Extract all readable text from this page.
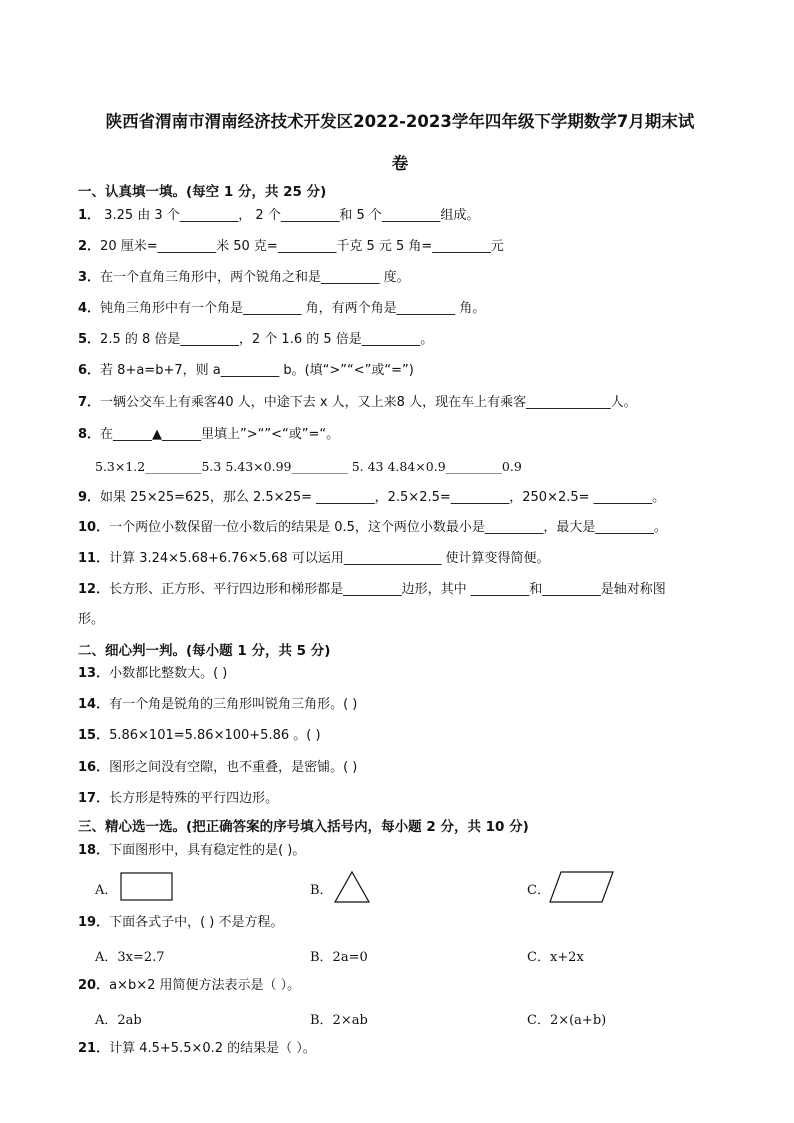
陕西省渭南市渭南经济技术开发区2022-2023学年四年级下学期数学7月期末试
卷
一、认真填一填。(每空 1 分，共 25 分)
1． 3.25 由 3 个_________， 2 个_________和 5 个_________组成。
2．20 厘米=_________米 50 克=_________千克 5 元 5 角=_________元
3．在一个直角三角形中，两个锐角之和是_________ 度。
4．钝角三角形中有一个角是_________ 角，有两个角是_________ 角。
5．2.5 的 8 倍是_________，2 个 1.6 的 5 倍是_________。
6．若 8+a=b+7，则 a_________ b。(填“>”“<”或“=”)
7．一辆公交车上有乘客40 人，中途下去 x 人，又上来8 人，现在车上有乘客_____________人。
8．在______▲______里填上”>“”<“或”=“。
5.3×1.2_________5.3 5.43×0.99_________ 5. 43 4.84×0.9_________0.9
9．如果 25×25=625，那么 2.5×25= _________，2.5×2.5=_________，250×2.5= _________。
10．一个两位小数保留一位小数后的结果是 0.5，这个两位小数最小是_________，最大是_________。
11．计算 3.24×5.68+6.76×5.68 可以运用_______________ 使计算变得简便。
12．长方形、正方形、平行四边形和梯形都是_________边形，其中 _________和_________是轴对称图
形。
二、细心判一判。(每小题 1 分，共 5 分)
13．小数都比整数大。( )
14．有一个角是锐角的三角形叫锐角三角形。( )
15．5.86×101=5.86×100+5.86 。( )
16．图形之间没有空隙，也不重叠，是密铺。( )
17．长方形是特殊的平行四边形。
三、精心选一选。(把正确答案的序号填入括号内，每小题 2 分，共 10 分)
18．下面图形中，具有稳定性的是( )。
A．	B．	C．
19．下面各式子中，( ) 不是方程。
A．3x=2.7	B．2a=0	C．x+2x
20．a×b×2 用简便方法表示是（ ）。
A．2ab	B．2×ab	C．2×(a+b)
21．计算 4.5+5.5×0.2 的结果是（ ）。
